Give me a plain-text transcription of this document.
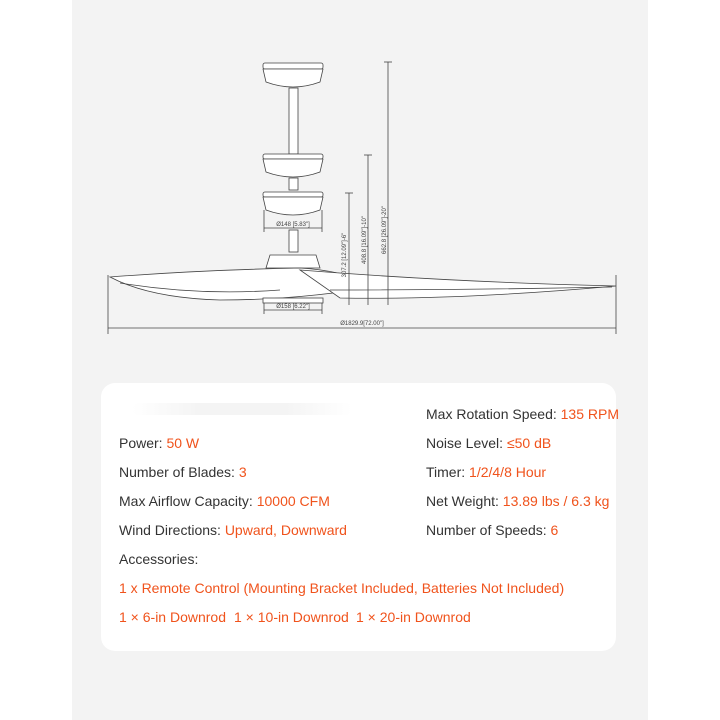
Ø148 [5.83"]
Ø158 [6.22"]
Ø1829.9[72.00"]
662.8 [26.09"]-20"
408.8 [16.09"]-10"
307.2 [12.09"]-6"
Max Rotation Speed: 135 RPM
Power: 50 W	Noise Level: ≤50 dB
Number of Blades: 3	Timer: 1/2/4/8 Hour
Max Airflow Capacity: 10000 CFM	Net Weight: 13.89 lbs / 6.3 kg
Wind Directions: Upward, Downward	Number of Speeds: 6
Accessories:
1 x Remote Control (Mounting Bracket Included, Batteries Not Included)
1 × 6-in Downrod 1 × 10-in Downrod 1 × 20-in Downrod
